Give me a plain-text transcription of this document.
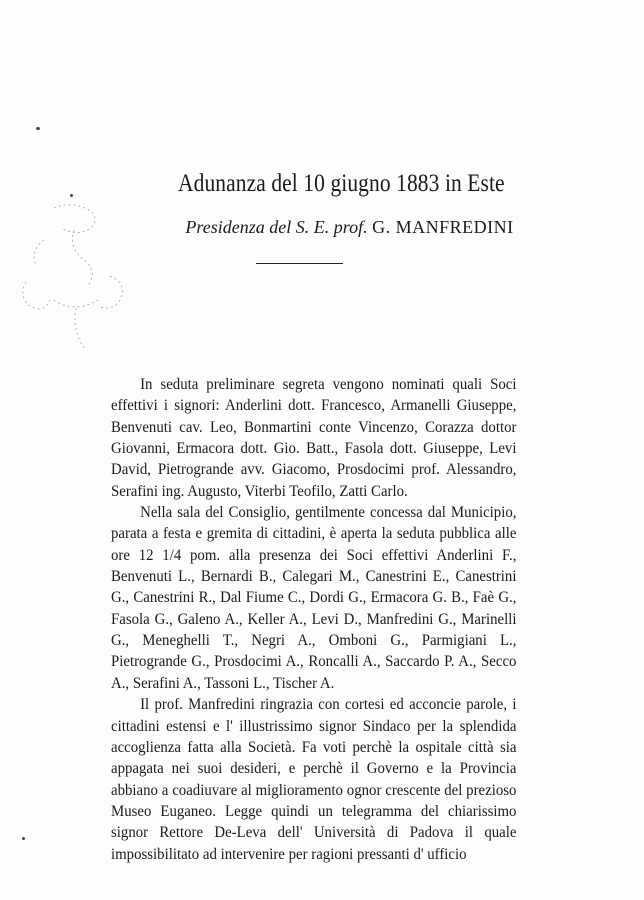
Adunanza del 10 giugno 1883 in Este
Presidenza del S. E. prof. G. MANFREDINI

In seduta preliminare segreta vengono nominati quali Soci effettivi i signori: Anderlini dott. Francesco, Armanelli Giuseppe, Benvenuti cav. Leo, Bonmartini conte Vincenzo, Corazza dottor Giovanni, Ermacora dott. Gio. Batt., Fasola dott. Giuseppe, Levi David, Pietrogrande avv. Giacomo, Prosdocimi prof. Alessandro, Serafini ing. Augusto, Viterbi Teofilo, Zatti Carlo.

Nella sala del Consiglio, gentilmente concessa dal Municipio, parata a festa e gremita di cittadini, è aperta la seduta pubblica alle ore 12 1/4 pom. alla presenza dei Soci effettivi Anderlini F., Benvenuti L., Bernardi B., Calegari M., Canestrini E., Canestrini G., Canestrini R., Dal Fiume C., Dordi G., Ermacora G. B., Faè G., Fasola G., Galeno A., Keller A., Levi D., Manfredini G., Marinelli G., Meneghelli T., Negri A., Omboni G., Parmigiani L., Pietrogrande G., Prosdocimi A., Roncalli A., Saccardo P. A., Secco A., Serafini A., Tassoni L., Tischer A.

Il prof. Manfredini ringrazia con cortesi ed acconcie parole, i cittadini estensi e l' illustrissimo signor Sindaco per la splendida accoglienza fatta alla Società. Fa voti perchè la ospitale città sia appagata nei suoi desideri, e perchè il Governo e la Provincia abbiano a coadiuvare al miglioramento ognor crescente del prezioso Museo Euganeo. Legge quindi un telegramma del chiarissimo signor Rettore De-Leva dell' Università di Padova il quale impossibilitato ad intervenire per ragioni pressanti d' ufficio
